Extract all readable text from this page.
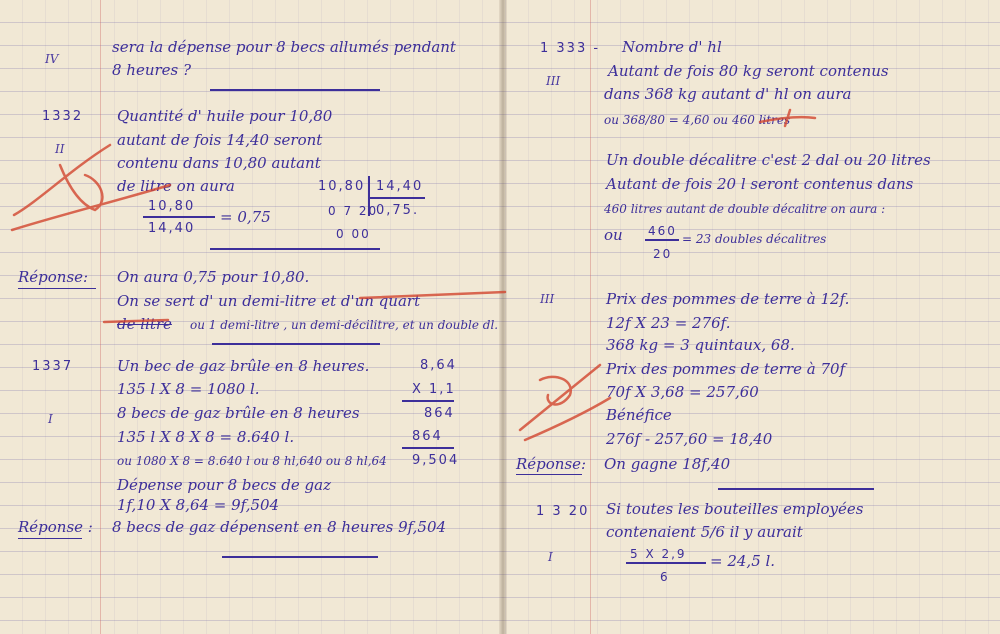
IV
sera la dépense pour 8 becs allumés pendant
8 heures ?
1332
II
Quantité d' huile pour 10,80
autant de fois 14,40 seront
contenu dans 10,80 autant
de litre on aura
10,80
14,40
= 0,75
10,80 14,40
0 7 20
0,75.
0 00
Réponse: On aura 0,75 pour 10,80.
On se sert d' un demi-litre et d'un quart
de litre ou 1 demi-litre , un demi-décilitre, et un double dl.
1337
I
Un bec de gaz brûle en 8 heures.
135 l X 8 = 1080 l.
8 becs de gaz brûle en 8 heures
135 l X 8 X 8 = 8.640 l.
ou 1080 X 8 = 8.640 l ou 8 hl,640 ou 8 hl,64
Dépense pour 8 becs de gaz
1f,10 X 8,64 = 9f,504
8,64
X 1,1
864
864
9,504
Réponse : 8 becs de gaz dépensent en 8 heures 9f,504
1 333 - Nombre d' hl
III
Autant de fois 80 kg seront contenus
dans 368 kg autant d' hl on aura
ou 368/80 = 4,60 ou 460 litres
Un double décalitre c'est 2 dal ou 20 litres
Autant de fois 20 l seront contenus dans
460 litres autant de double décalitre on aura :
ou 460
20
= 23 doubles décalitres
III	Prix des pommes de terre à 12f.
12f X 23 = 276f.
368 kg = 3 quintaux, 68.
Prix des pommes de terre à 70f
70f X 3,68 = 257,60
Bénéfice
276f - 257,60 = 18,40
Réponse: On gagne 18f,40
1 3 20 Si toutes les bouteilles employées
contenaient 5/6 il y aurait
I	5 X 2,9
6
= 24,5 l.
